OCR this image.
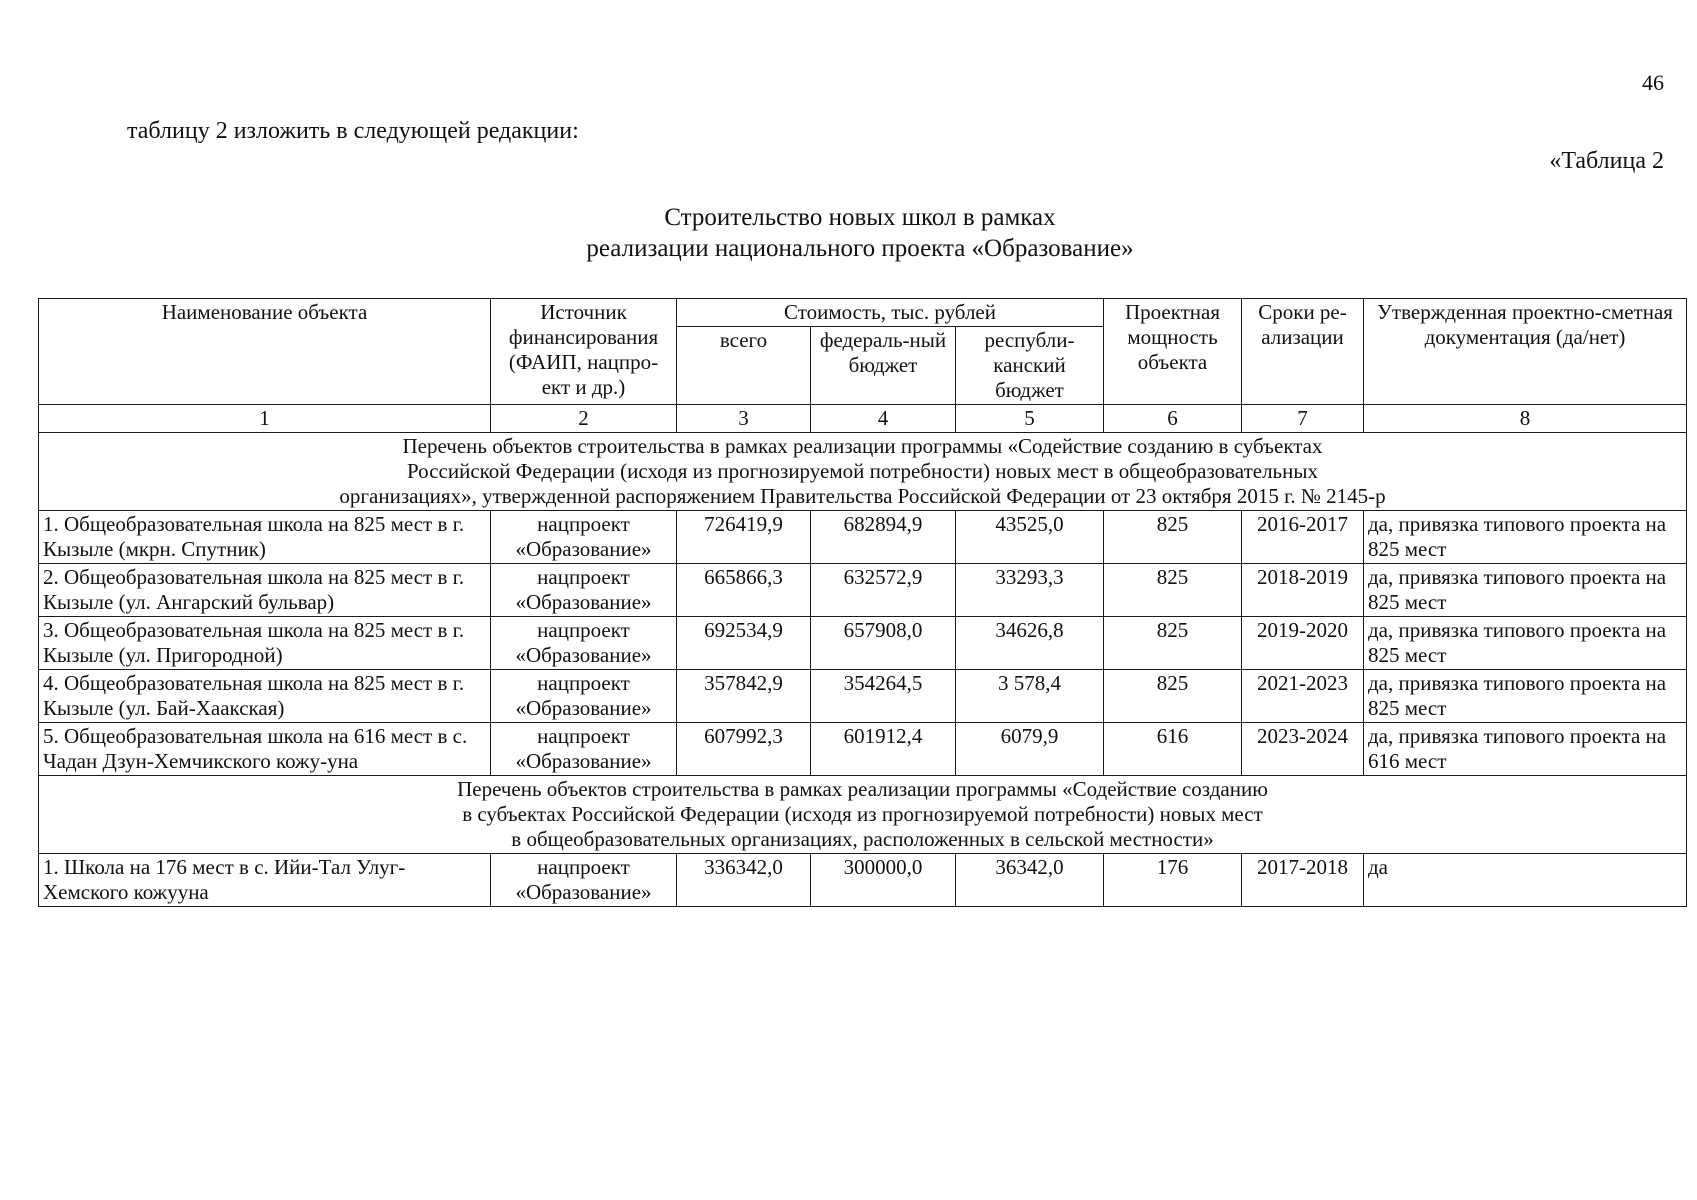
46
таблицу 2 изложить в следующей редакции:
«Таблица 2
Строительство новых школ в рамках
реализации национального проекта «Образование»
Наименование объекта	Источник финансирования (ФАИП, нацпро-ект и др.)	Стоимость, тыс. рублей			Проектная мощность объекта	Сроки ре-ализации	Утвержденная проектно-сметная документация (да/нет)
		всего	федераль-ный бюджет	республи-канский бюджет			
1	2	3	4	5	6	7	8

Перечень объектов строительства в рамках реализации программы «Содействие созданию в субъектах
Российской Федерации (исходя из прогнозируемой потребности) новых мест в общеобразовательных
организациях», утвержденной распоряжением Правительства Российской Федерации от 23 октября 2015 г. № 2145-р							

1. Общеобразовательная школа на 825 мест в г. Кызыле (мкрн. Спутник)	нацпроект «Образование»	726419,9	682894,9	43525,0	825	2016-2017	да, привязка типового проекта на 825 мест
2. Общеобразовательная школа на 825 мест в г. Кызыле (ул. Ангарский бульвар)	нацпроект «Образование»	665866,3	632572,9	33293,3	825	2018-2019	да, привязка типового проекта на 825 мест
3. Общеобразовательная школа на 825 мест в г. Кызыле (ул. Пригородной)	нацпроект «Образование»	692534,9	657908,0	34626,8	825	2019-2020	да, привязка типового проекта на 825 мест
4. Общеобразовательная школа на 825 мест в г. Кызыле (ул. Бай-Хаакская)	нацпроект «Образование»	357842,9	354264,5	3 578,4	825	2021-2023	да, привязка типового проекта на 825 мест
5. Общеобразовательная школа на 616 мест в с. Чадан Дзун-Хемчикского кожу-уна	нацпроект «Образование»	607992,3	601912,4	6079,9	616	2023-2024	да, привязка типового проекта на 616 мест

Перечень объектов строительства в рамках реализации программы «Содействие созданию
в субъектах Российской Федерации (исходя из прогнозируемой потребности) новых мест
в общеобразовательных организациях, расположенных в сельской местности»							

1. Школа на 176 мест в с. Ийи-Тал Улуг-Хемского кожууна	нацпроект «Образование»	336342,0	300000,0	36342,0	176	2017-2018	да
